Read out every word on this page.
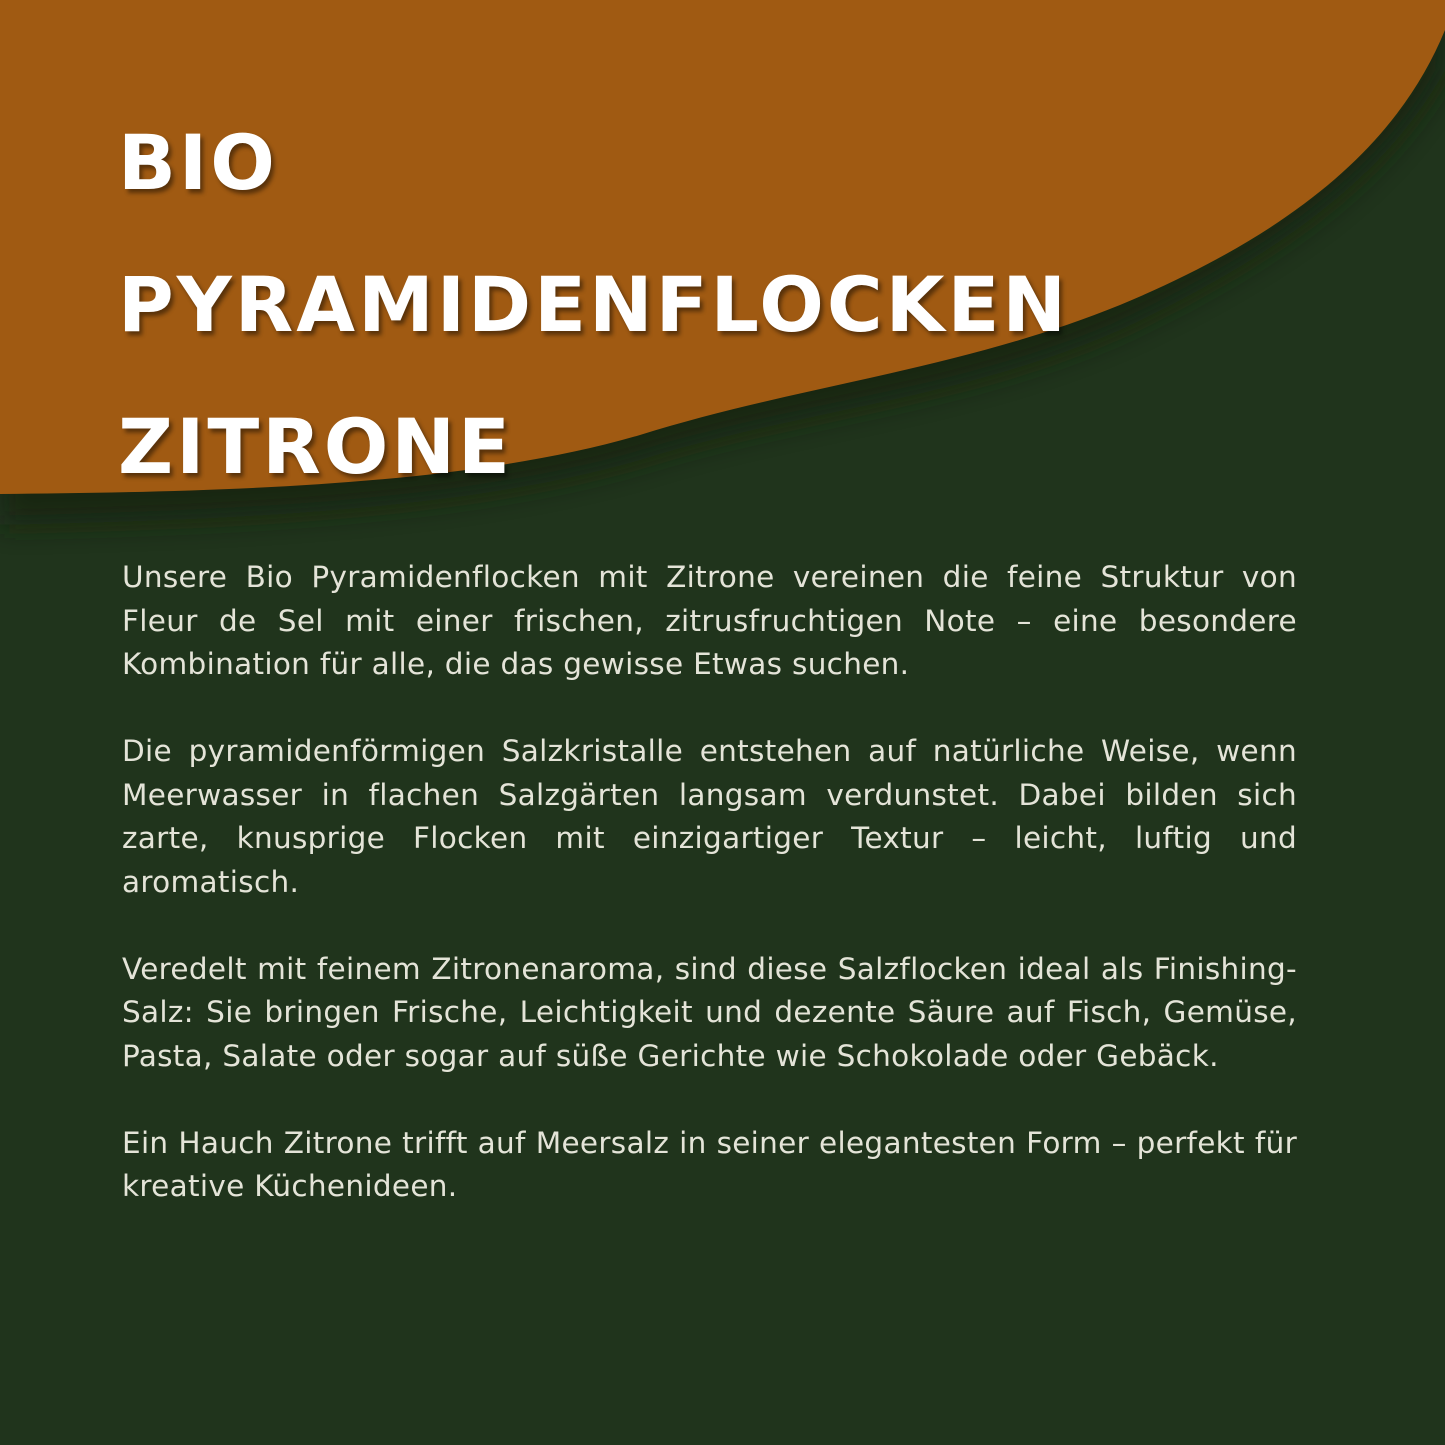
BIO PYRAMIDENFLOCKEN
ZITRONE

Unsere Bio Pyramidenflocken mit Zitrone vereinen die feine Struktur von Fleur de Sel mit einer frischen, zitrusfruchtigen Note – eine besondere Kombination für alle, die das gewisse Etwas suchen.

Die pyramidenförmigen Salzkristalle entstehen auf natürliche Weise, wenn Meerwasser in flachen Salzgärten langsam verdunstet. Dabei bilden sich zarte, knusprige Flocken mit einzigartiger Textur – leicht, luftig und aromatisch.

Veredelt mit feinem Zitronenaroma, sind diese Salzflocken ideal als Finishing-Salz: Sie bringen Frische, Leichtigkeit und dezente Säure auf Fisch, Gemüse, Pasta, Salate oder sogar auf süße Gerichte wie Schokolade oder Gebäck.

Ein Hauch Zitrone trifft auf Meersalz in seiner elegantesten Form – perfekt für kreative Küchenideen.
